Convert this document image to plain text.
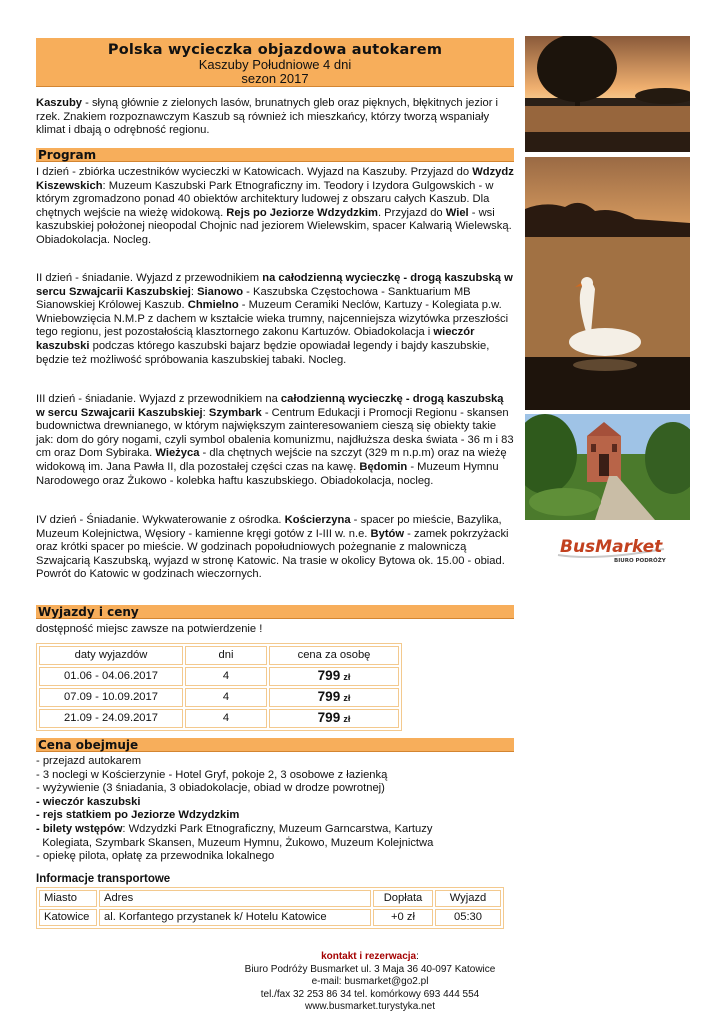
Polska wycieczka objazdowa autokarem
Kaszuby Południowe 4 dni
sezon 2017

Kaszuby - słyną głównie z zielonych lasów, brunatnych gleb oraz pięknych, błękitnych jezior i rzek. Znakiem rozpoznawczym Kaszub są również ich mieszkańcy, którzy tworzą wspaniały klimat i dbają o odrębność regionu.

Program

I dzień - zbiórka uczestników wycieczki w Katowicach. Wyjazd na Kaszuby. Przyjazd do Wdzydz Kiszewskich: Muzeum Kaszubski Park Etnograficzny im. Teodory i Izydora Gulgowskich - w którym zgromadzono ponad 40 obiektów architektury ludowej z obszaru całych Kaszub. Dla chętnych wejście na wieżę widokową. Rejs po Jeziorze Wdzydzkim. Przyjazd do Wiel - wsi kaszubskiej położonej nieopodal Chojnic nad jeziorem Wielewskim, spacer Kalwarią Wielewską. Obiadokolacja. Nocleg.

II dzień - śniadanie. Wyjazd z przewodnikiem na całodzienną wycieczkę - drogą kaszubską w sercu Szwajcarii Kaszubskiej: Sianowo - Kaszubska Częstochowa - Sanktuarium MB Sianowskiej Królowej Kaszub. Chmielno - Muzeum Ceramiki Neclów, Kartuzy - Kolegiata p.w. Wniebowzięcia N.M.P z dachem w kształcie wieka trumny, najcenniejsza wizytówka przeszłości tego regionu, jest pozostałością klasztornego zakonu Kartuzów. Obiadokolacja i wieczór kaszubski podczas którego kaszubski bajarz będzie opowiadał legendy i bajdy kaszubskie, będzie też możliwość spróbowania kaszubskiej tabaki. Nocleg.

III dzień - śniadanie. Wyjazd z przewodnikiem na całodzienną wycieczkę - drogą kaszubską w sercu Szwajcarii Kaszubskiej: Szymbark - Centrum Edukacji i Promocji Regionu - skansen budownictwa drewnianego, w którym największym zainteresowaniem cieszą się obiekty takie jak: dom do góry nogami, czyli symbol obalenia komunizmu, najdłuższa deska świata - 36 m i 83 cm oraz Dom Sybiraka. Wieżyca - dla chętnych wejście na szczyt (329 m n.p.m) oraz na wieżę widokową im. Jana Pawła II, dla pozostałej części czas na kawę. Będomin - Muzeum Hymnu Narodowego oraz Żukowo - kolebka haftu kaszubskiego. Obiadokolacja, nocleg.

IV dzień - Śniadanie. Wykwaterowanie z ośrodka. Kościerzyna - spacer po mieście, Bazylika, Muzeum Kolejnictwa, Węsiory - kamienne kręgi gotów z I-III w. n.e. Bytów - zamek pokrzyżacki oraz krótki spacer po mieście. W godzinach popołudniowych pożegnanie z malowniczą Szwajcarią Kaszubską, wyjazd w stronę Katowic. Na trasie w okolicy Bytowa ok. 15.00 - obiad.
Powrót do Katowic w godzinach wieczornych.

Wyjazdy i ceny

dostępność miejsc zawsze na potwierdzenie !

daty wyjazdów	dni	cena za osobę
01.06 - 04.06.2017	4	799 zł
07.09 - 10.09.2017	4	799 zł
21.09 - 24.09.2017	4	799 zł
Cena obejmuje
- przejazd autokarem
- 3 noclegi w Kościerzynie - Hotel Gryf, pokoje 2, 3 osobowe z łazienką
- wyżywienie (3 śniadania, 3 obiadokolacje, obiad w drodze powrotnej)
- wieczór kaszubski
- rejs statkiem po Jeziorze Wdzydzkim
- bilety wstępów: Wdzydzki Park Etnograficzny, Muzeum Garncarstwa, Kartuzy
Kolegiata, Szymbark Skansen, Muzeum Hymnu, Żukowo, Muzeum Kolejnictwa
- opiekę pilota, opłatę za przewodnika lokalnego
Informacje transportowe
Miasto	Adres	Dopłata	Wyjazd
Katowice	al. Korfantego przystanek k/ Hotelu Katowice	+0 zł	05:30
kontakt i rezerwacja:
Biuro Podróży Busmarket ul. 3 Maja 36 40-097 Katowice
e-mail: busmarket@go2.pl
tel./fax 32 253 86 34 tel. komórkowy 693 444 554
www.busmarket.turystyka.net
BusMarket
BIURO PODRÓŻY
